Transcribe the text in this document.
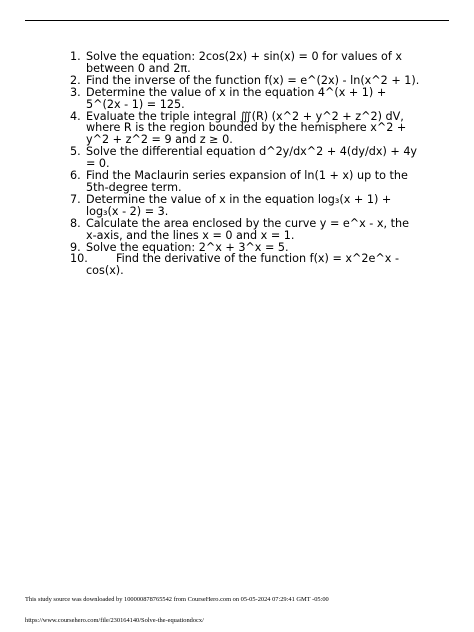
1. Solve the equation: 2cos(2x) + sin(x) = 0 for values of x between 0 and 2π.
2. Find the inverse of the function f(x) = e^(2x) - ln(x^2 + 1).
3. Determine the value of x in the equation 4^(x + 1) + 5^(2x - 1) = 125.
4. Evaluate the triple integral ∭(R) (x^2 + y^2 + z^2) dV, where R is the region bounded by the hemisphere x^2 + y^2 + z^2 = 9 and z ≥ 0.
5. Solve the differential equation d^2y/dx^2 + 4(dy/dx) + 4y = 0.
6. Find the Maclaurin series expansion of ln(1 + x) up to the 5th-degree term.
7. Determine the value of x in the equation log₃(x + 1) + log₃(x - 2) = 3.
8. Calculate the area enclosed by the curve y = e^x - x, the x-axis, and the lines x = 0 and x = 1.
9. Solve the equation: 2^x + 3^x = 5.
10.	Find the derivative of the function f(x) = x^2e^x - cos(x).
This study source was downloaded by 100000878765542 from CourseHero.com on 05-05-2024 07:29:41 GMT -05:00
https://www.coursehero.com/file/230164140/Solve-the-equationdocx/
